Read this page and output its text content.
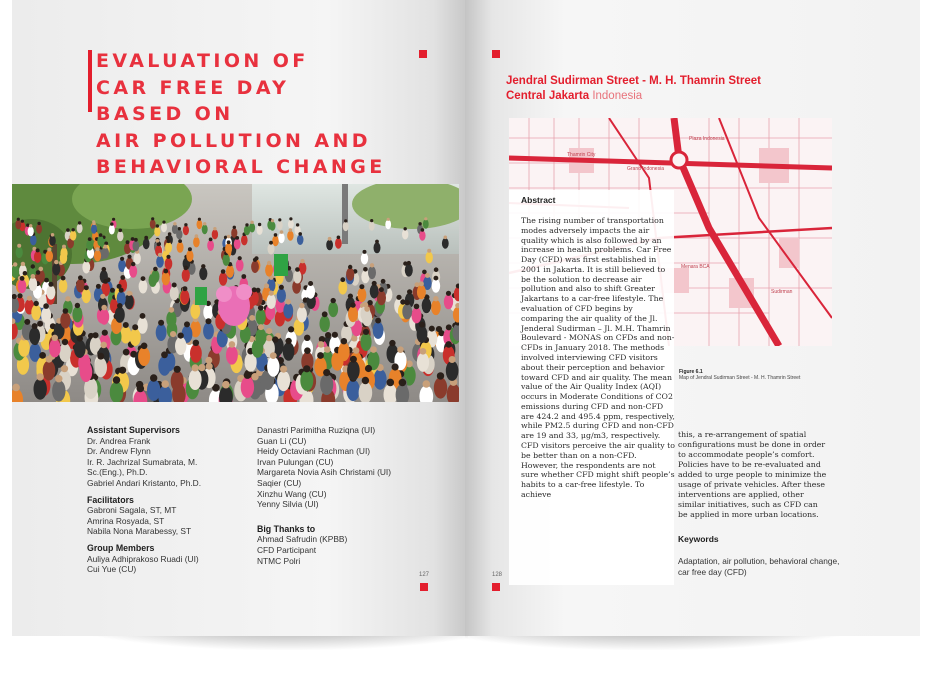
EVALUATION OF
CAR FREE DAY
BASED ON
AIR POLLUTION AND
BEHAVIORAL CHANGE
Assistant Supervisors
Dr. Andrea Frank
Dr. Andrew Flynn
Ir. R. Jachrizal Sumabrata, M.
Sc.(Eng.), Ph.D.
Gabriel Andari Kristanto, Ph.D.
Facilitators
Gabroni Sagala, ST, MT
Amrina Rosyada, ST
Nabila Nona Marabessy, ST
Group Members
Auliya Adhiprakoso Ruadi (UI)
Cui Yue (CU)
Danastri Parimitha Ruziqna (UI)
Guan Li (CU)
Heidy Octaviani Rachman (UI)
Irvan Pulungan (CU)
Margareta Novia Asih Christami (UI)
Saqier (CU)
Xinzhu Wang (CU)
Yenny Silvia (UI)
Big Thanks to
Ahmad Safrudin (KPBB)
CFD Participant
NTMC Polri
127
Jendral Sudirman Street - M. H. Thamrin Street
Central Jakarta Indonesia
Thamrin City
Plaza Indonesia
Grand Indonesia
Menara BCA
Sudirman
Abstract

The rising number of transportation modes adversely impacts the air quality which is also followed by an increase in health problems. Car Free Day (CFD) was first established in 2001 in Jakarta. It is still believed to be the solution to decrease air pollution and also to shift Greater Jakartans to a car-free lifestyle. The evaluation of CFD begins by comparing the air quality of the Jl. Jenderal Sudirman – Jl. M.H. Thamrin Boulevard - MONAS on CFDs and non-CFDs in January 2018. The methods involved interviewing CFD visitors about their perception and behavior toward CFD and air quality. The mean value of the Air Quality Index (AQI) occurs in Moderate Conditions of CO2 emissions during CFD and non-CFD are 424.2 and 495.4 ppm, respectively, while PM2.5 during CFD and non-CFD are 19 and 33, μg/m3, respectively. CFD visitors perceive the air quality to be better than on a non-CFD. However, the respondents are not sure whether CFD might shift people’s habits to a car-free lifestyle. To achieve

Figure 6.1
Map of Jendral Sudirman Street - M. H. Thamrin Street

this, a re-arrangement of spatial configurations must be done in order to accommodate people’s comfort. Policies have to be re-evaluated and added to urge people to minimize the usage of private vehicles. After these interventions are applied, other similar initiatives, such as CFD can be applied in more urban locations.

Keywords

Adaptation, air pollution, behavioral change, car free day (CFD)

128
